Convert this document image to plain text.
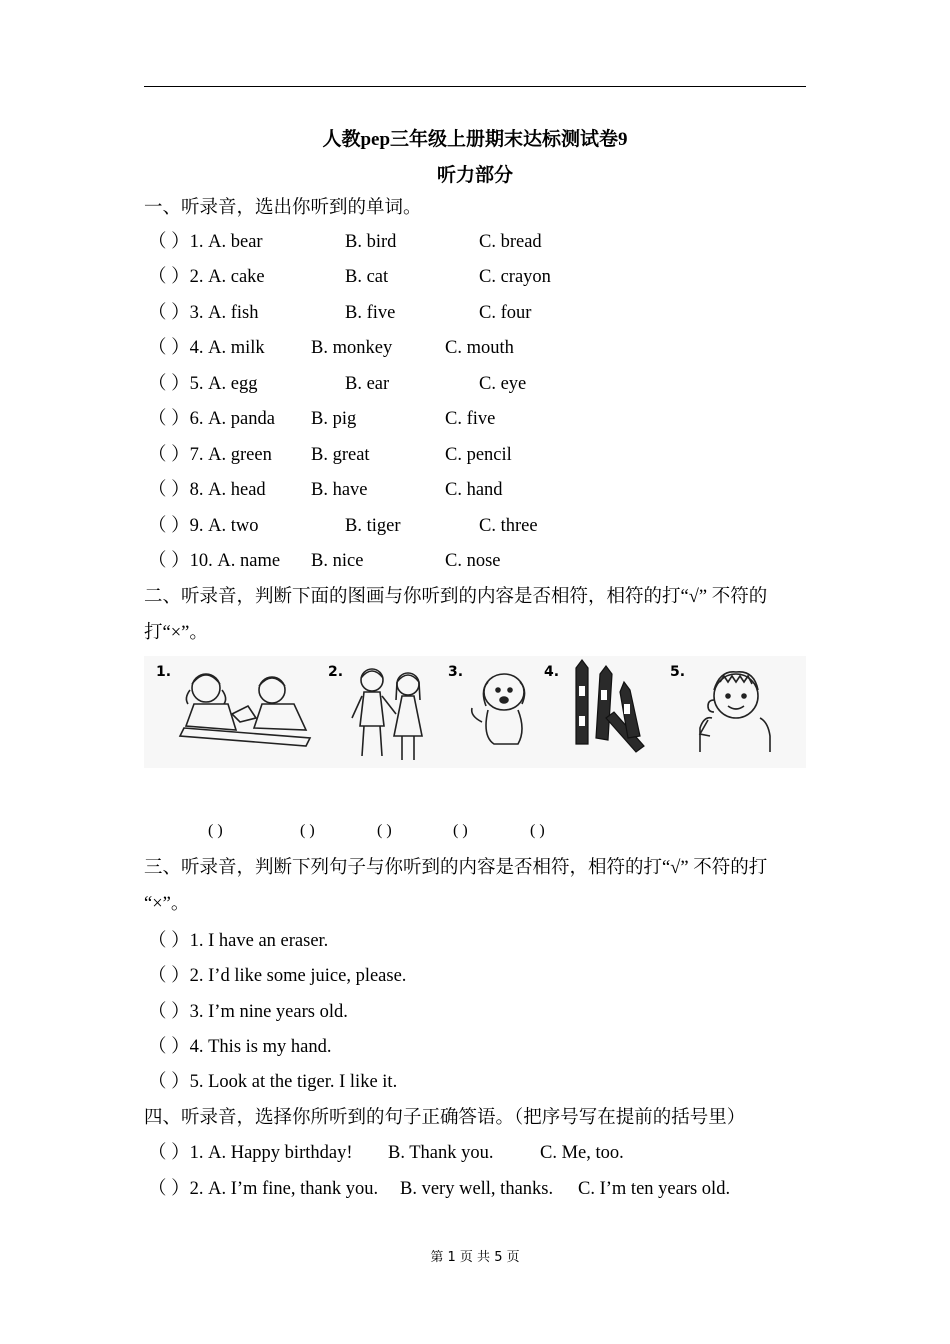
人教pep三年级上册期末达标测试卷9
听力部分
一、听录音，选出你听到的单词。
（ ）1. A. bear	B. bird	C. bread
（ ）2. A. cake	B. cat	C. crayon
（ ）3. A. fish	B. five	C. four
（ ）4. A. milk	B. monkey	C. mouth
（ ）5. A. egg	B. ear	C. eye
（ ）6. A. panda B. pig	C. five
（ ）7. A. green B. great	C. pencil
（ ）8. A. head B. have	C. hand
（ ）9. A. two	B. tiger	C. three
（ ）10. A. name B. nice	C. nose
二、听录音，判断下面的图画与你听到的内容是否相符，相符的打“√” 不符的
打“×”。
1.	2.	3.	4.	5.
( )	( )	( )	( )	( )
三、听录音，判断下列句子与你听到的内容是否相符，相符的打“√” 不符的打
“×”。
（ ）1. I have an eraser.
（ ）2. I’d like some juice, please.
（ ）3. I’m nine years old.
（ ）4. This is my hand.
（ ）5. Look at the tiger. I like it.
四、听录音，选择你所听到的句子正确答语。（把序号写在提前的括号里）
（ ）1. A. Happy birthday! B. Thank you.	C. Me, too.
（ ）2. A. I’m fine, thank you. B. very well, thanks. C. I’m ten years old.
第 1 页 共 5 页
